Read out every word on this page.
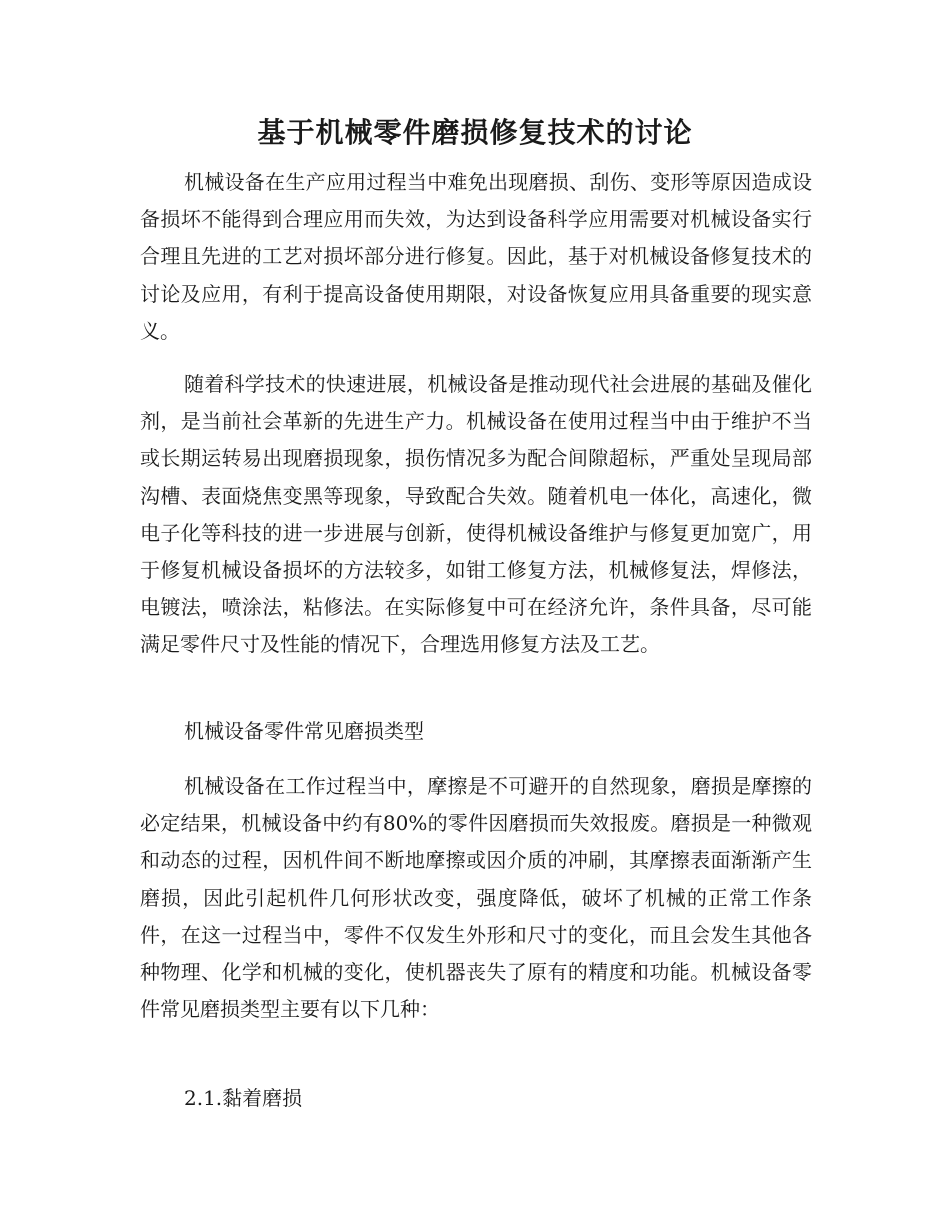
基于机械零件磨损修复技术的讨论

机械设备在生产应用过程当中难免出现磨损、刮伤、变形等原因造成设备损坏不能得到合理应用而失效，为达到设备科学应用需要对机械设备实行合理且先进的工艺对损坏部分进行修复。因此，基于对机械设备修复技术的讨论及应用，有利于提高设备使用期限，对设备恢复应用具备重要的现实意义。

随着科学技术的快速进展，机械设备是推动现代社会进展的基础及催化剂，是当前社会革新的先进生产力。机械设备在使用过程当中由于维护不当或长期运转易出现磨损现象，损伤情况多为配合间隙超标，严重处呈现局部沟槽、表面烧焦变黑等现象，导致配合失效。随着机电一体化，高速化，微电子化等科技的进一步进展与创新，使得机械设备维护与修复更加宽广，用于修复机械设备损坏的方法较多，如钳工修复方法，机械修复法，焊修法，电镀法，喷涂法，粘修法。在实际修复中可在经济允许，条件具备，尽可能满足零件尺寸及性能的情况下，合理选用修复方法及工艺。

机械设备零件常见磨损类型

机械设备在工作过程当中，摩擦是不可避开的自然现象，磨损是摩擦的必定结果，机械设备中约有80%的零件因磨损而失效报废。磨损是一种微观和动态的过程，因机件间不断地摩擦或因介质的冲刷，其摩擦表面渐渐产生磨损，因此引起机件几何形状改变，强度降低，破坏了机械的正常工作条件，在这一过程当中，零件不仅发生外形和尺寸的变化，而且会发生其他各种物理、化学和机械的变化，使机器丧失了原有的精度和功能。机械设备零件常见磨损类型主要有以下几种：

2.1.黏着磨损
